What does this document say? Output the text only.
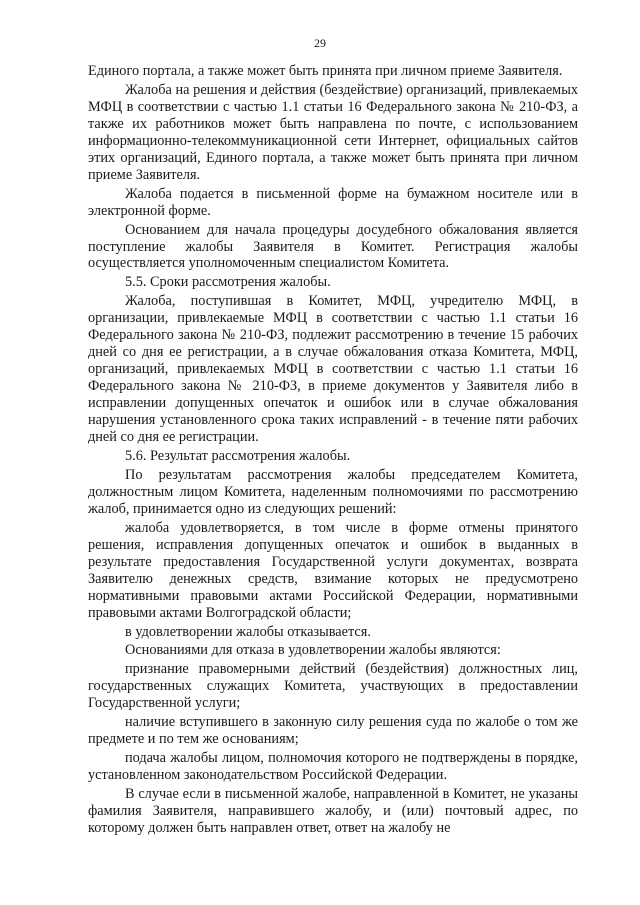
29

Единого портала, а также может быть принята при личном приеме Заявителя.

Жалоба на решения и действия (бездействие) организаций, привлекаемых МФЦ в соответствии с частью 1.1 статьи 16 Федерального закона № 210-ФЗ, а также их работников может быть направлена по почте, с использованием информационно-телекоммуникационной сети Интернет, официальных сайтов этих организаций, Единого портала, а также может быть принята при личном приеме Заявителя.

Жалоба подается в письменной форме на бумажном носителе или в электронной форме.

Основанием для начала процедуры досудебного обжалования является поступление жалобы Заявителя в Комитет. Регистрация жалобы осуществляется уполномоченным специалистом Комитета.

5.5. Сроки рассмотрения жалобы.

Жалоба, поступившая в Комитет, МФЦ, учредителю МФЦ, в организации, привлекаемые МФЦ в соответствии с частью 1.1 статьи 16 Федерального закона № 210-ФЗ, подлежит рассмотрению в течение 15 рабочих дней со дня ее регистрации, а в случае обжалования отказа Комитета, МФЦ, организаций, привлекаемых МФЦ в соответствии с частью 1.1 статьи 16 Федерального закона № 210-ФЗ, в приеме документов у Заявителя либо в исправлении допущенных опечаток и ошибок или в случае обжалования нарушения установленного срока таких исправлений - в течение пяти рабочих дней со дня ее регистрации.

5.6. Результат рассмотрения жалобы.

По результатам рассмотрения жалобы председателем Комитета, должностным лицом Комитета, наделенным полномочиями по рассмотрению жалоб, принимается одно из следующих решений:

жалоба удовлетворяется, в том числе в форме отмены принятого решения, исправления допущенных опечаток и ошибок в выданных в результате предоставления Государственной услуги документах, возврата Заявителю денежных средств, взимание которых не предусмотрено нормативными правовыми актами Российской Федерации, нормативными правовыми актами Волгоградской области;

в удовлетворении жалобы отказывается.

Основаниями для отказа в удовлетворении жалобы являются:

признание правомерными действий (бездействия) должностных лиц, государственных служащих Комитета, участвующих в предоставлении Государственной услуги;

наличие вступившего в законную силу решения суда по жалобе о том же предмете и по тем же основаниям;

подача жалобы лицом, полномочия которого не подтверждены в порядке, установленном законодательством Российской Федерации.

В случае если в письменной жалобе, направленной в Комитет, не указаны фамилия Заявителя, направившего жалобу, и (или) почтовый адрес, по которому должен быть направлен ответ, ответ на жалобу не
